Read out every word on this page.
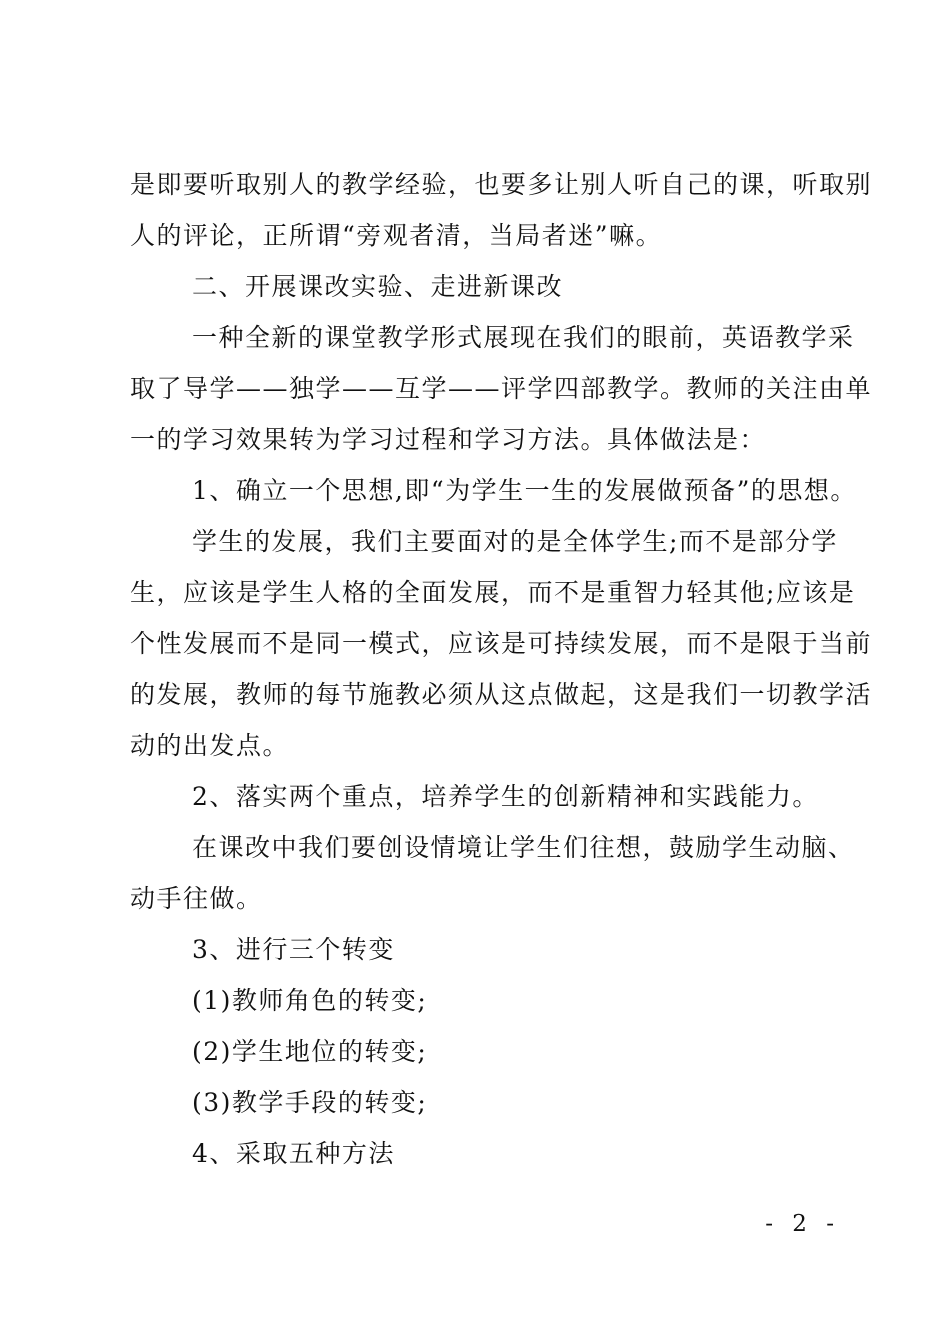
是即要听取别人的教学经验，也要多让别人听自己的课，听取别
人的评论，正所谓“旁观者清，当局者迷”嘛。
二、开展课改实验、走进新课改
一种全新的课堂教学形式展现在我们的眼前，英语教学采
取了导学——独学——互学——评学四部教学。教师的关注由单
一的学习效果转为学习过程和学习方法。具体做法是：
1、确立一个思想,即“为学生一生的发展做预备”的思想。
学生的发展，我们主要面对的是全体学生;而不是部分学
生，应该是学生人格的全面发展，而不是重智力轻其他;应该是
个性发展而不是同一模式，应该是可持续发展，而不是限于当前
的发展，教师的每节施教必须从这点做起，这是我们一切教学活
动的出发点。
2、落实两个重点，培养学生的创新精神和实践能力。
在课改中我们要创设情境让学生们往想，鼓励学生动脑、
动手往做。
3、进行三个转变
(1)教师角色的转变;
(2)学生地位的转变;
(3)教学手段的转变;
4、采取五种方法
- 2 -
